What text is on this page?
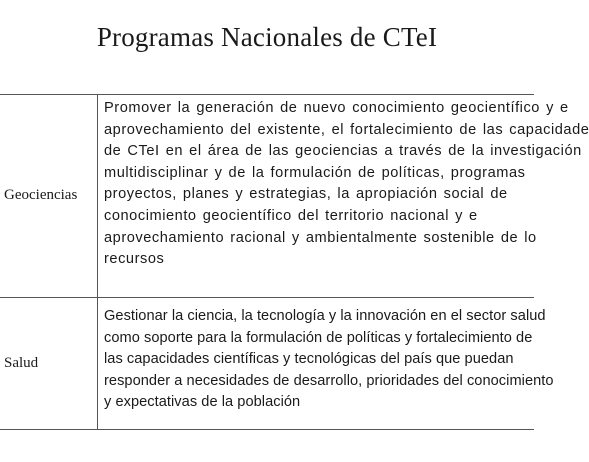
Programas Nacionales de CTeI
Geociencias
Promover la generación de nuevo conocimiento geocientífico y e
aprovechamiento del existente, el fortalecimiento de las capacidade
de CTeI en el área de las geociencias a través de la investigación
multidisciplinar y de la formulación de políticas, programas
proyectos, planes y estrategias, la apropiación social de
conocimiento geocientífico del territorio nacional y e
aprovechamiento racional y ambientalmente sostenible de lo
recursos
Salud
Gestionar la ciencia, la tecnología y la innovación en el sector salud
como soporte para la formulación de políticas y fortalecimiento de
las capacidades científicas y tecnológicas del país que puedan
responder a necesidades de desarrollo, prioridades del conocimiento
y expectativas de la población
